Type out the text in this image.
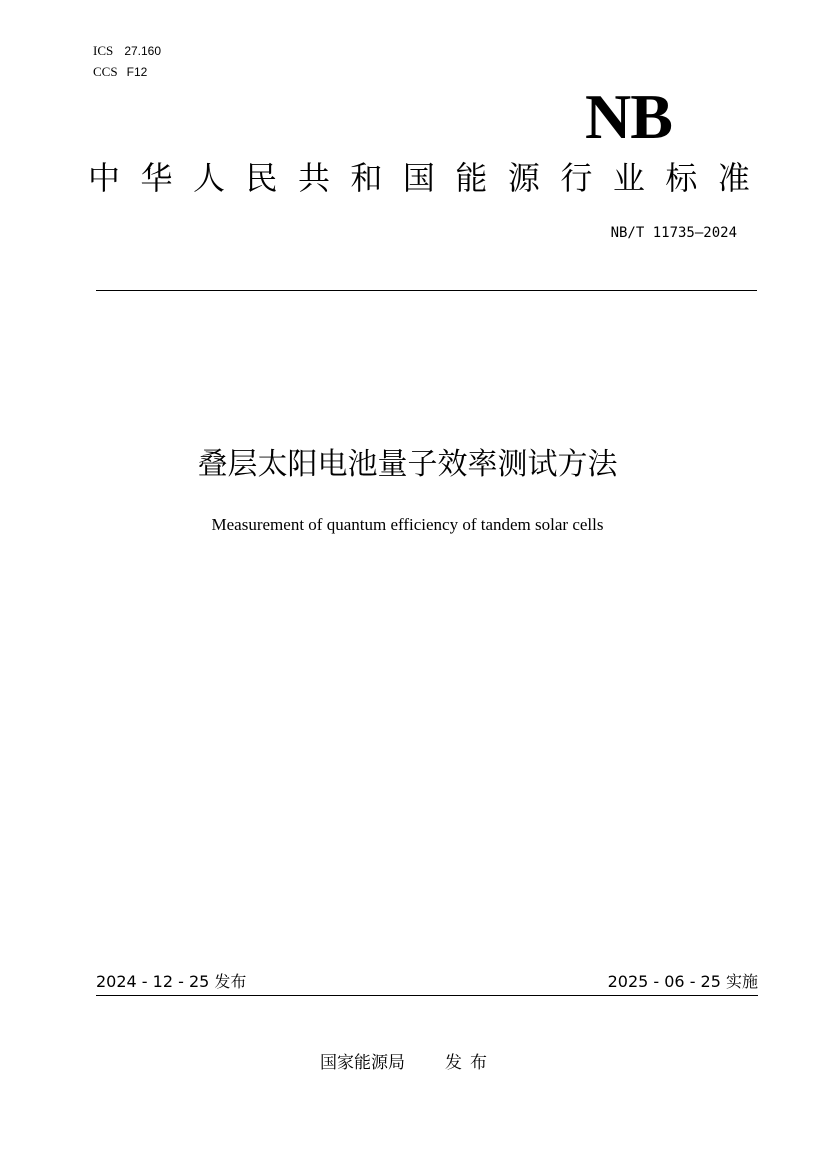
ICS 27.160
CCS F12
NB
中 华 人 民 共 和 国 能 源 行 业 标 准
NB/T 11735—2024
叠层太阳电池量子效率测试方法
Measurement of quantum efficiency of tandem solar cells
2024 - 12 - 25 发布	2025 - 06 - 25 实施
国家能源局 发布
